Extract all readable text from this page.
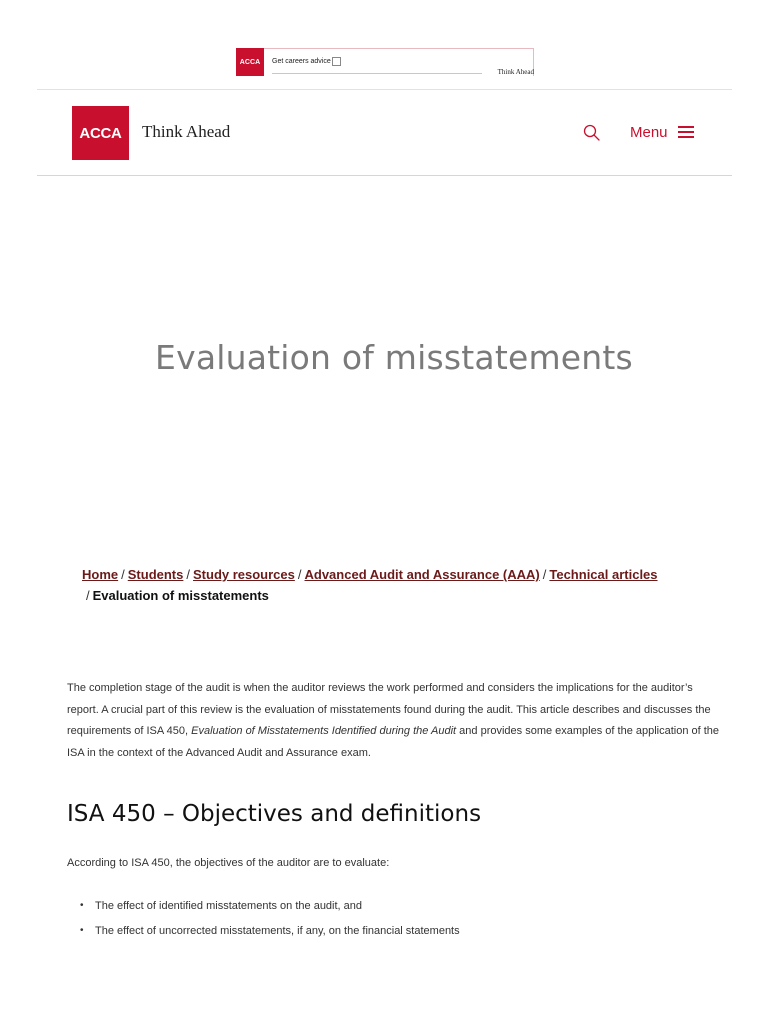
ACCA	Get careers advice
Think Ahead
ACCA	Think Ahead	Menu
Evaluation of misstatements
Home / Students / Study resources / Advanced Audit and Assurance (AAA) / Technical articles
/ Evaluation of misstatements

The completion stage of the audit is when the auditor reviews the work performed and considers the implications for the auditor’s report. A crucial part of this review is the evaluation of misstatements found during the audit. This article describes and discusses the requirements of ISA 450, Evaluation of Misstatements Identified during the Audit and provides some examples of the application of the ISA in the context of the Advanced Audit and Assurance exam.

ISA 450 – Objectives and definitions

According to ISA 450, the objectives of the auditor are to evaluate:

•	The effect of identified misstatements on the audit, and
•	The effect of uncorrected misstatements, if any, on the financial statements
